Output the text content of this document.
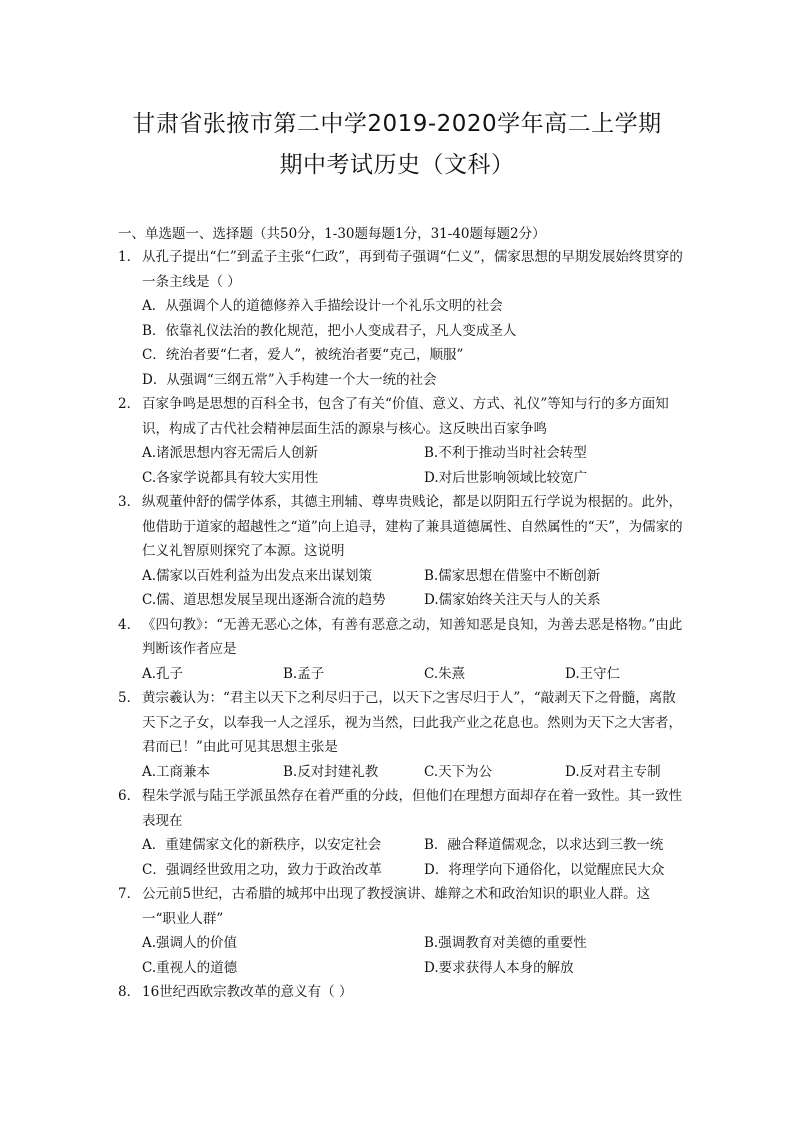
甘肃省张掖市第二中学2019-2020学年高二上学期
期中考试历史（文科）
一、单选题一、选择题（共50分，1-30题每题1分，31-40题每题2分）
1． 从孔子提出“仁”到孟子主张“仁政”，再到荀子强调“仁义”，儒家思想的早期发展始终贯穿的一条主线是（ ）
A．从强调个人的道德修养入手描绘设计一个礼乐文明的社会
B．依靠礼仪法治的教化规范，把小人变成君子，凡人变成圣人
C．统治者要“仁者，爱人”，被统治者要“克己，顺服”
D．从强调“三纲五常”入手构建一个大一统的社会
2． 百家争鸣是思想的百科全书，包含了有关“价值、意义、方式、礼仪”等知与行的多方面知识，构成了古代社会精神层面生活的源泉与核心。这反映出百家争鸣
A.诸派思想内容无需后人创新	B.不利于推动当时社会转型
C.各家学说都具有较大实用性	D.对后世影响领域比较宽广
3． 纵观董仲舒的儒学体系，其德主刑辅、尊卑贵贱论，都是以阴阳五行学说为根据的。此外，他借助于道家的超越性之“道”向上追寻，建构了兼具道德属性、自然属性的“天”，为儒家的仁义礼智原则探究了本源。这说明
A.儒家以百姓利益为出发点来出谋划策	B.儒家思想在借鉴中不断创新
C.儒、道思想发展呈现出逐渐合流的趋势	D.儒家始终关注天与人的关系
4． 《四句教》：“无善无恶心之体，有善有恶意之动，知善知恶是良知，为善去恶是格物。”由此判断该作者应是
A.孔子	B.孟子	C.朱熹	D.王守仁
5． 黄宗羲认为：“君主以天下之利尽归于己，以天下之害尽归于人”，“敲剥天下之骨髓，离散天下之子女，以奉我一人之淫乐，视为当然，曰此我产业之花息也。然则为天下之大害者，君而已！”由此可见其思想主张是
A.工商兼本	B.反对封建礼教	C.天下为公	D.反对君主专制
6． 程朱学派与陆王学派虽然存在着严重的分歧，但他们在理想方面却存在着一致性。其一致性表现在
A．重建儒家文化的新秩序，以安定社会	B．融合释道儒观念，以求达到三教一统
C．强调经世致用之功，致力于政治改革	D．将理学向下通俗化，以觉醒庶民大众
7． 公元前5世纪，古希腊的城邦中出现了教授演讲、雄辩之术和政治知识的职业人群。这一“职业人群”
A.强调人的价值	B.强调教育对美德的重要性
C.重视人的道德	D.要求获得人本身的解放
8． 16世纪西欧宗教改革的意义有（ ）
